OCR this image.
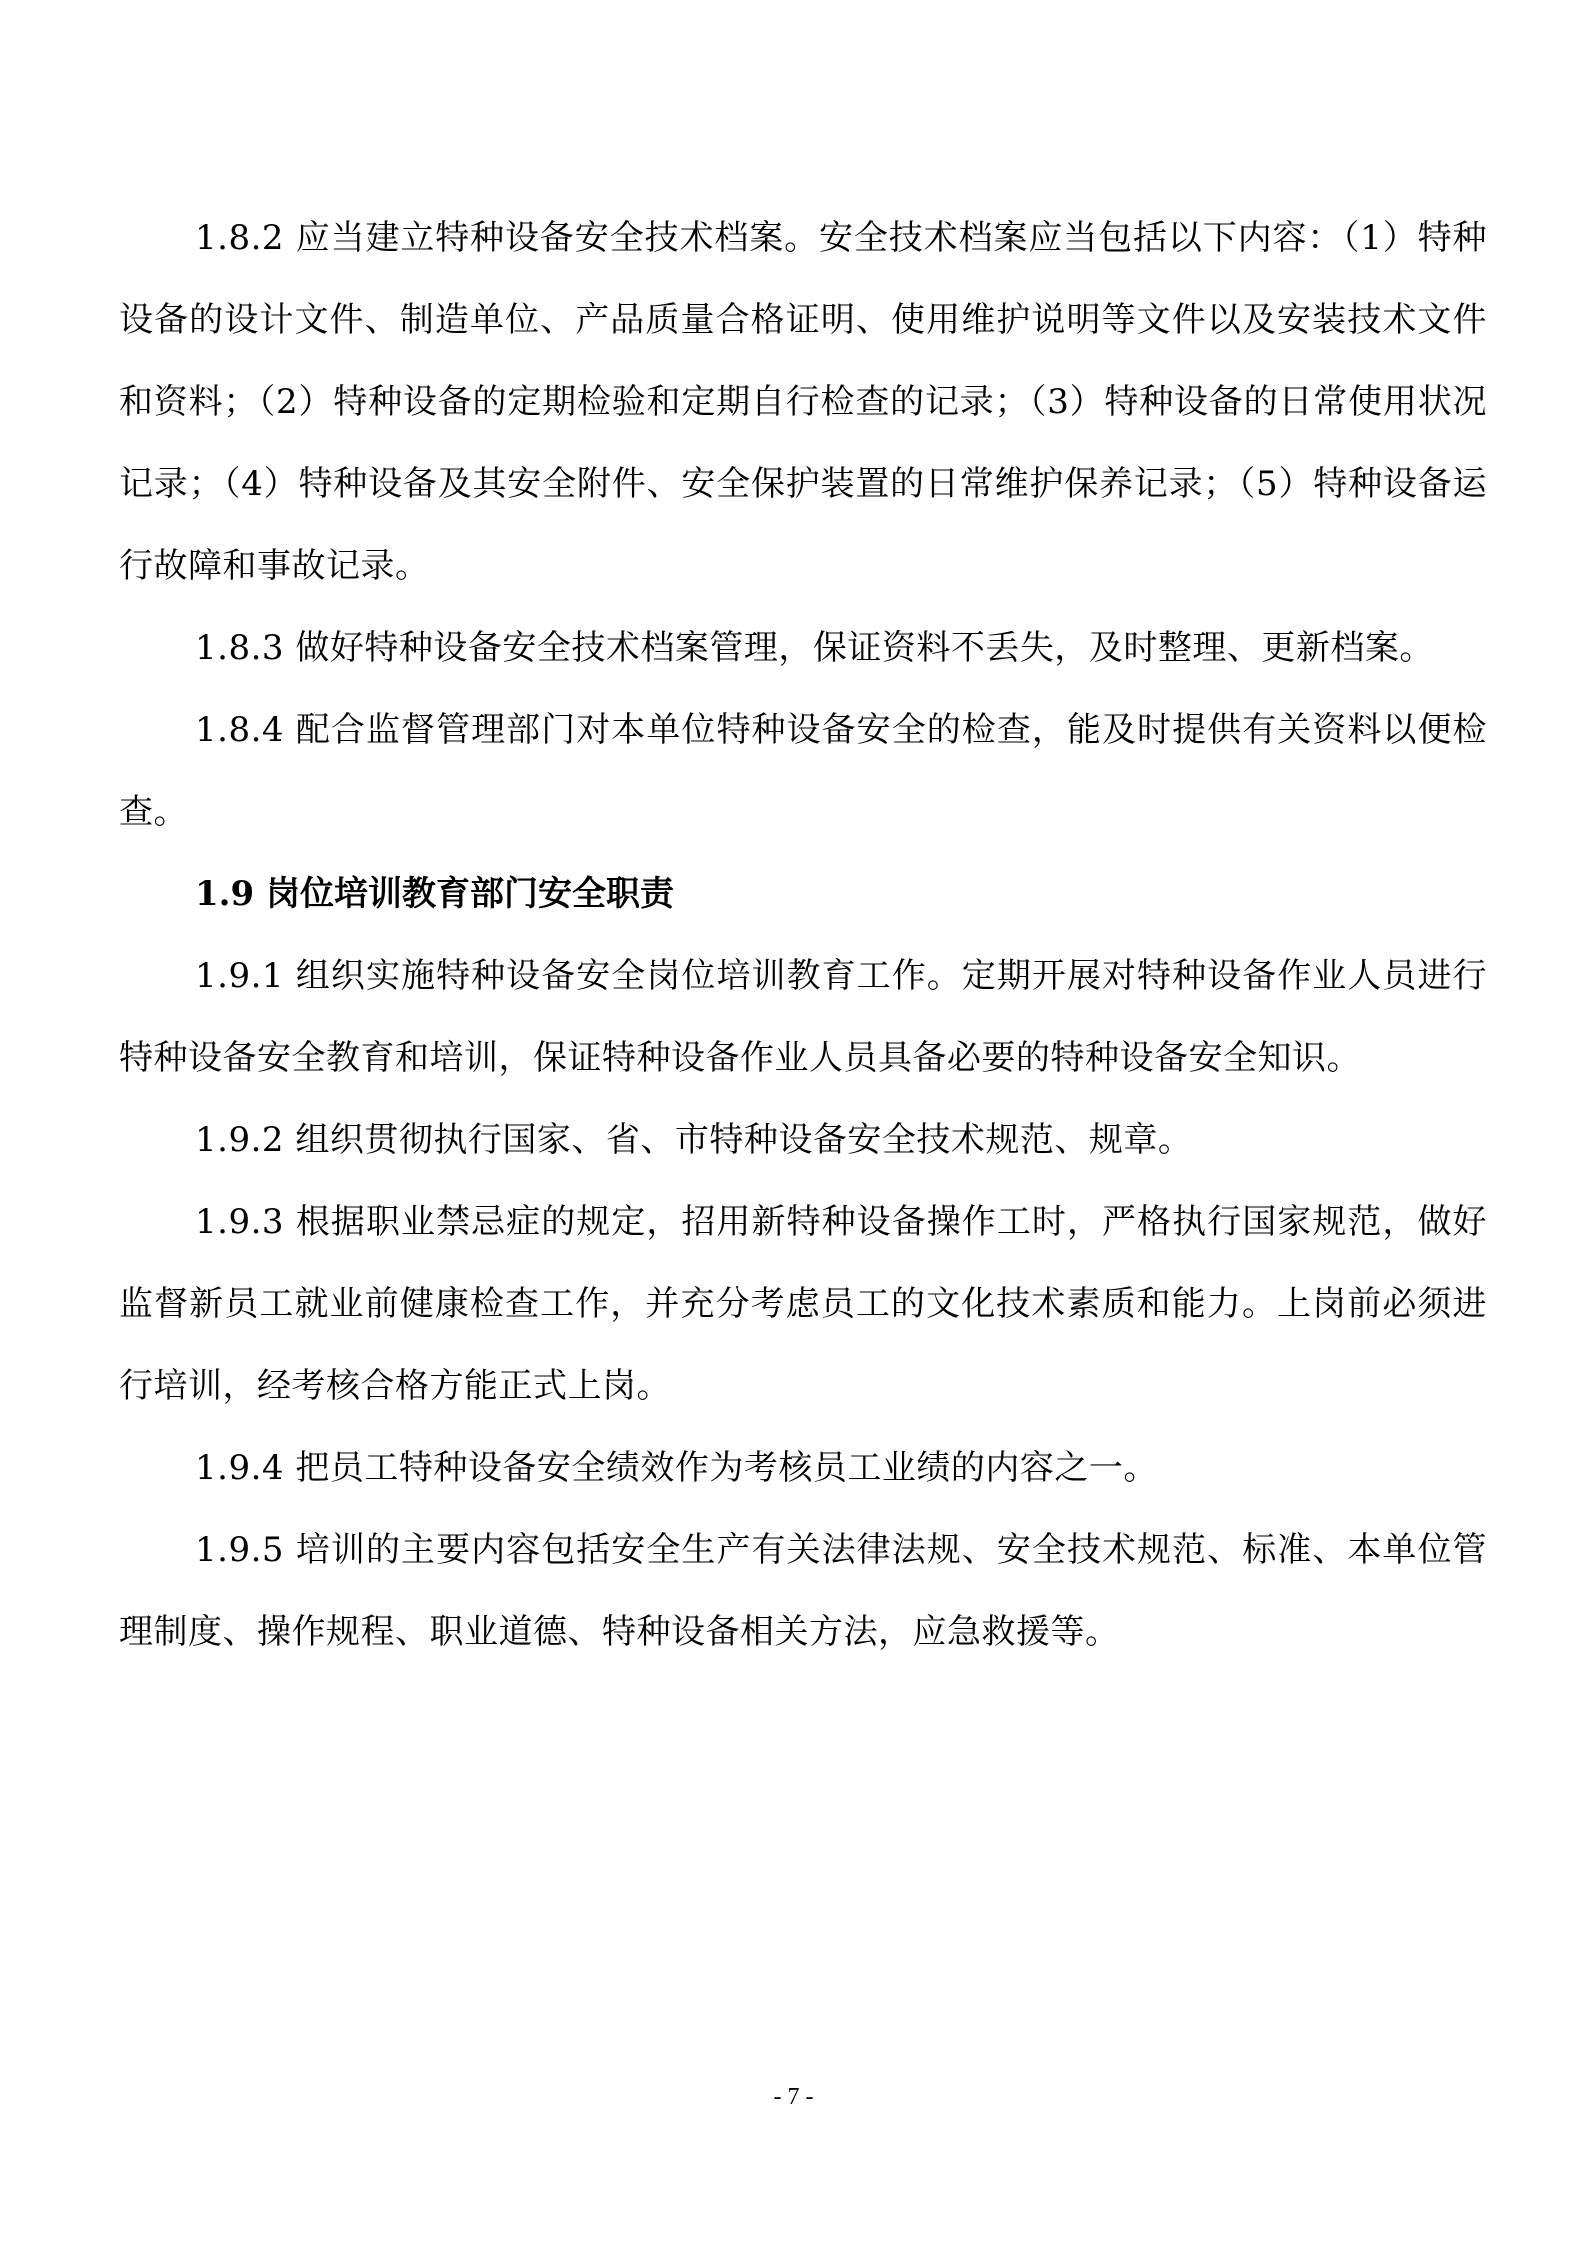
1.8.2 应当建立特种设备安全技术档案。安全技术档案应当包括以下内容：（1）特种设备的设计文件、制造单位、产品质量合格证明、使用维护说明等文件以及安装技术文件和资料；（2）特种设备的定期检验和定期自行检查的记录；（3）特种设备的日常使用状况记录；（4）特种设备及其安全附件、安全保护装置的日常维护保养记录；（5）特种设备运行故障和事故记录。

1.8.3 做好特种设备安全技术档案管理，保证资料不丢失，及时整理、更新档案。

1.8.4 配合监督管理部门对本单位特种设备安全的检查，能及时提供有关资料以便检查。

1.9 岗位培训教育部门安全职责

1.9.1 组织实施特种设备安全岗位培训教育工作。定期开展对特种设备作业人员进行特种设备安全教育和培训，保证特种设备作业人员具备必要的特种设备安全知识。

1.9.2 组织贯彻执行国家、省、市特种设备安全技术规范、规章。

1.9.3 根据职业禁忌症的规定，招用新特种设备操作工时，严格执行国家规范，做好监督新员工就业前健康检查工作，并充分考虑员工的文化技术素质和能力。上岗前必须进行培训，经考核合格方能正式上岗。

1.9.4 把员工特种设备安全绩效作为考核员工业绩的内容之一。

1.9.5 培训的主要内容包括安全生产有关法律法规、安全技术规范、标准、本单位管理制度、操作规程、职业道德、特种设备相关方法，应急救援等。

- 7 -
